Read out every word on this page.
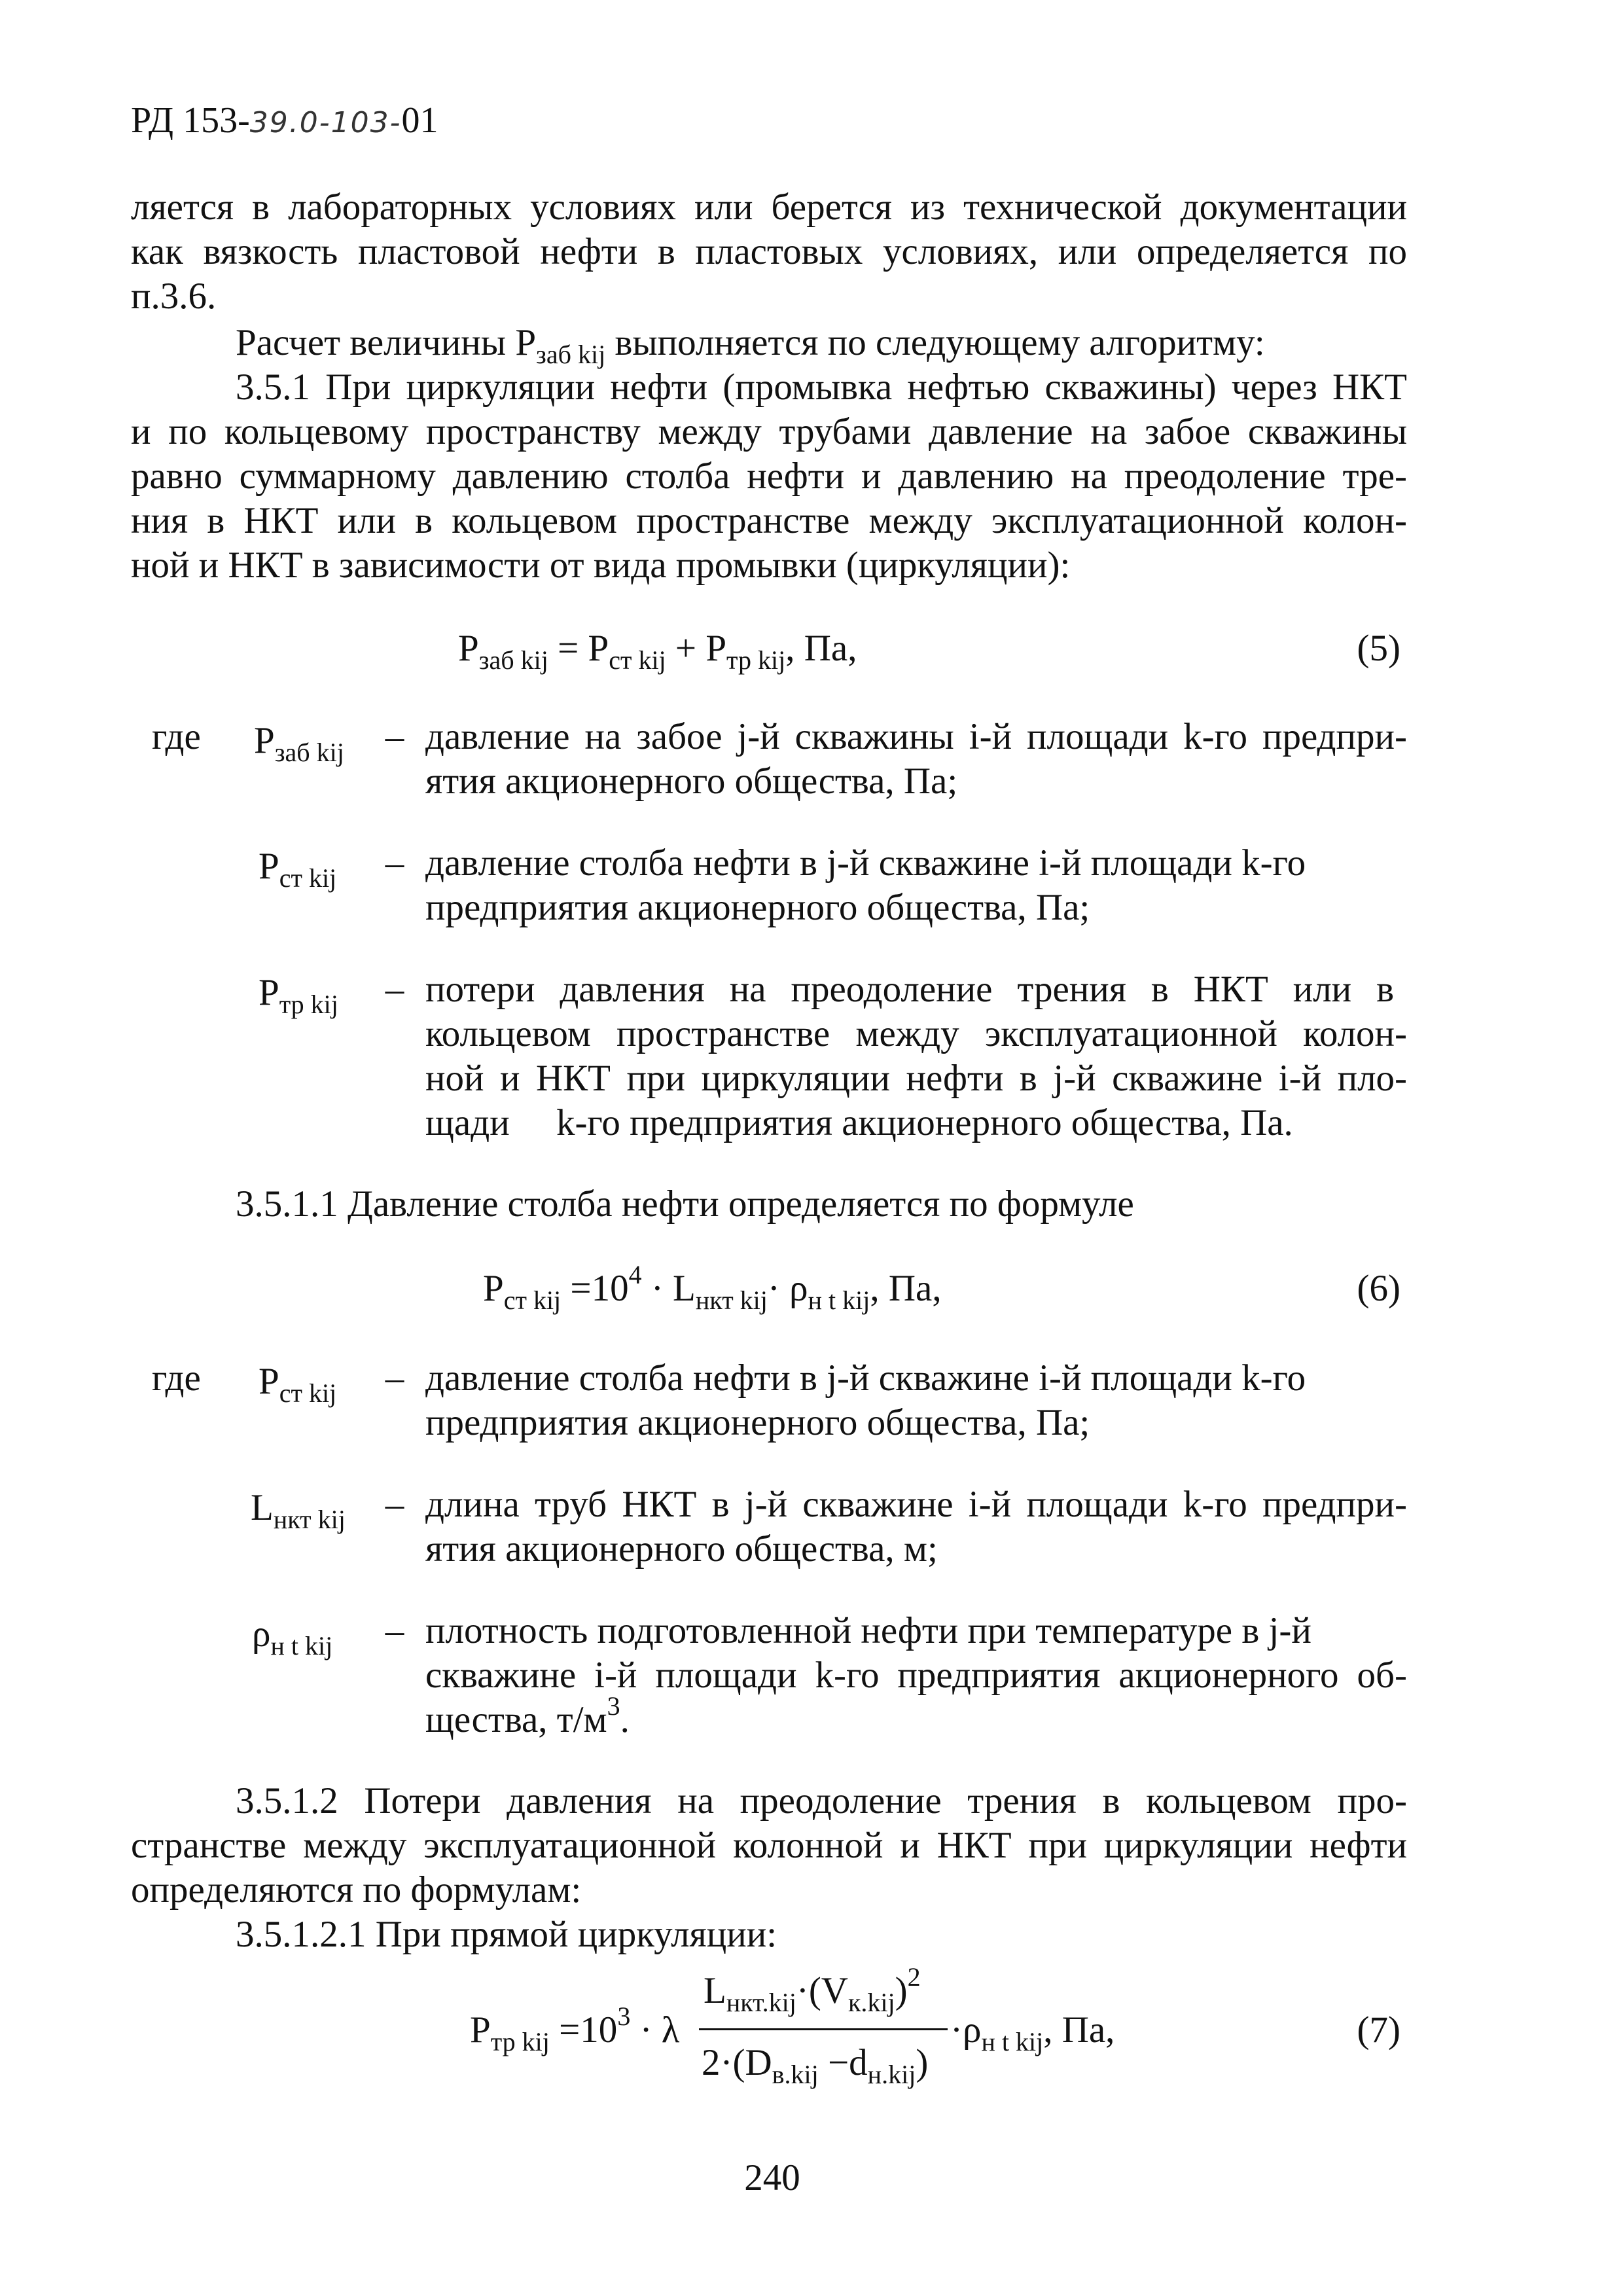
РД 153-39.0-103-01
ляется в лабораторных условиях или берется из технической документации
как вязкость пластовой нефти в пластовых условиях, или определяется по
п.3.6.
Расчет величины $P_{заб kij}$ выполняется по следующему алгоритму:
3.5.1 При циркуляции нефти (промывка нефтью скважины) через НКТ
и по кольцевому пространству между трубами давление на забое скважины
равно суммарному давлению столба нефти и давлению на преодоление тре-
ния в НКТ или в кольцевом пространстве между эксплуатационной колон-
ной и НКТ в зависимости от вида промывки (циркуляции):
$P_{заб kij} = P_{ст kij} + P_{тр kij}$, Па,	(5)
где $P_{заб kij}$ – давление на забое j-й скважины i-й площади k-го предпри-
ятия акционерного общества, Па;
$P_{ст kij}$ – давление столба нефти в j-й скважине i-й площади k-го
предприятия акционерного общества, Па;
$P_{тр kij}$ – потери давления на преодоление трения в НКТ или в
кольцевом пространстве между эксплуатационной колон-
ной и НКТ при циркуляции нефти в j-й скважине i-й пло-
щади     k-го предприятия акционерного общества, Па.
3.5.1.1 Давление столба нефти определяется по формуле
$P_{ст kij} =10^4 \cdot L_{нкт kij}\cdot \rho_{н t kij}$, Па,	(6)
где $P_{ст kij}$ – давление столба нефти в j-й скважине i-й площади k-го
предприятия акционерного общества, Па;
$L_{нкт kij}$ – длина труб НКТ в j-й скважине i-й площади k-го предпри-
ятия акционерного общества, м;
$\rho_{н t kij}$ – плотность подготовленной нефти при температуре в j-й
скважине i-й площади k-го предприятия акционерного об-
щества, $т/м^3$.
3.5.1.2 Потери давления на преодоление трения в кольцевом про-
странстве между эксплуатационной колонной и НКТ при циркуляции нефти
определяются по формулам:
3.5.1.2.1 При прямой циркуляции:
$P_{тр kij} =10^3 \cdot \lambda$
$L_{нкт.kij}\cdot(V_{к.kij})^2$
$2\cdot(D_{в.kij} -d_{н.kij})$
$\cdot\rho_{н t kij}$, Па,	(7)
240
